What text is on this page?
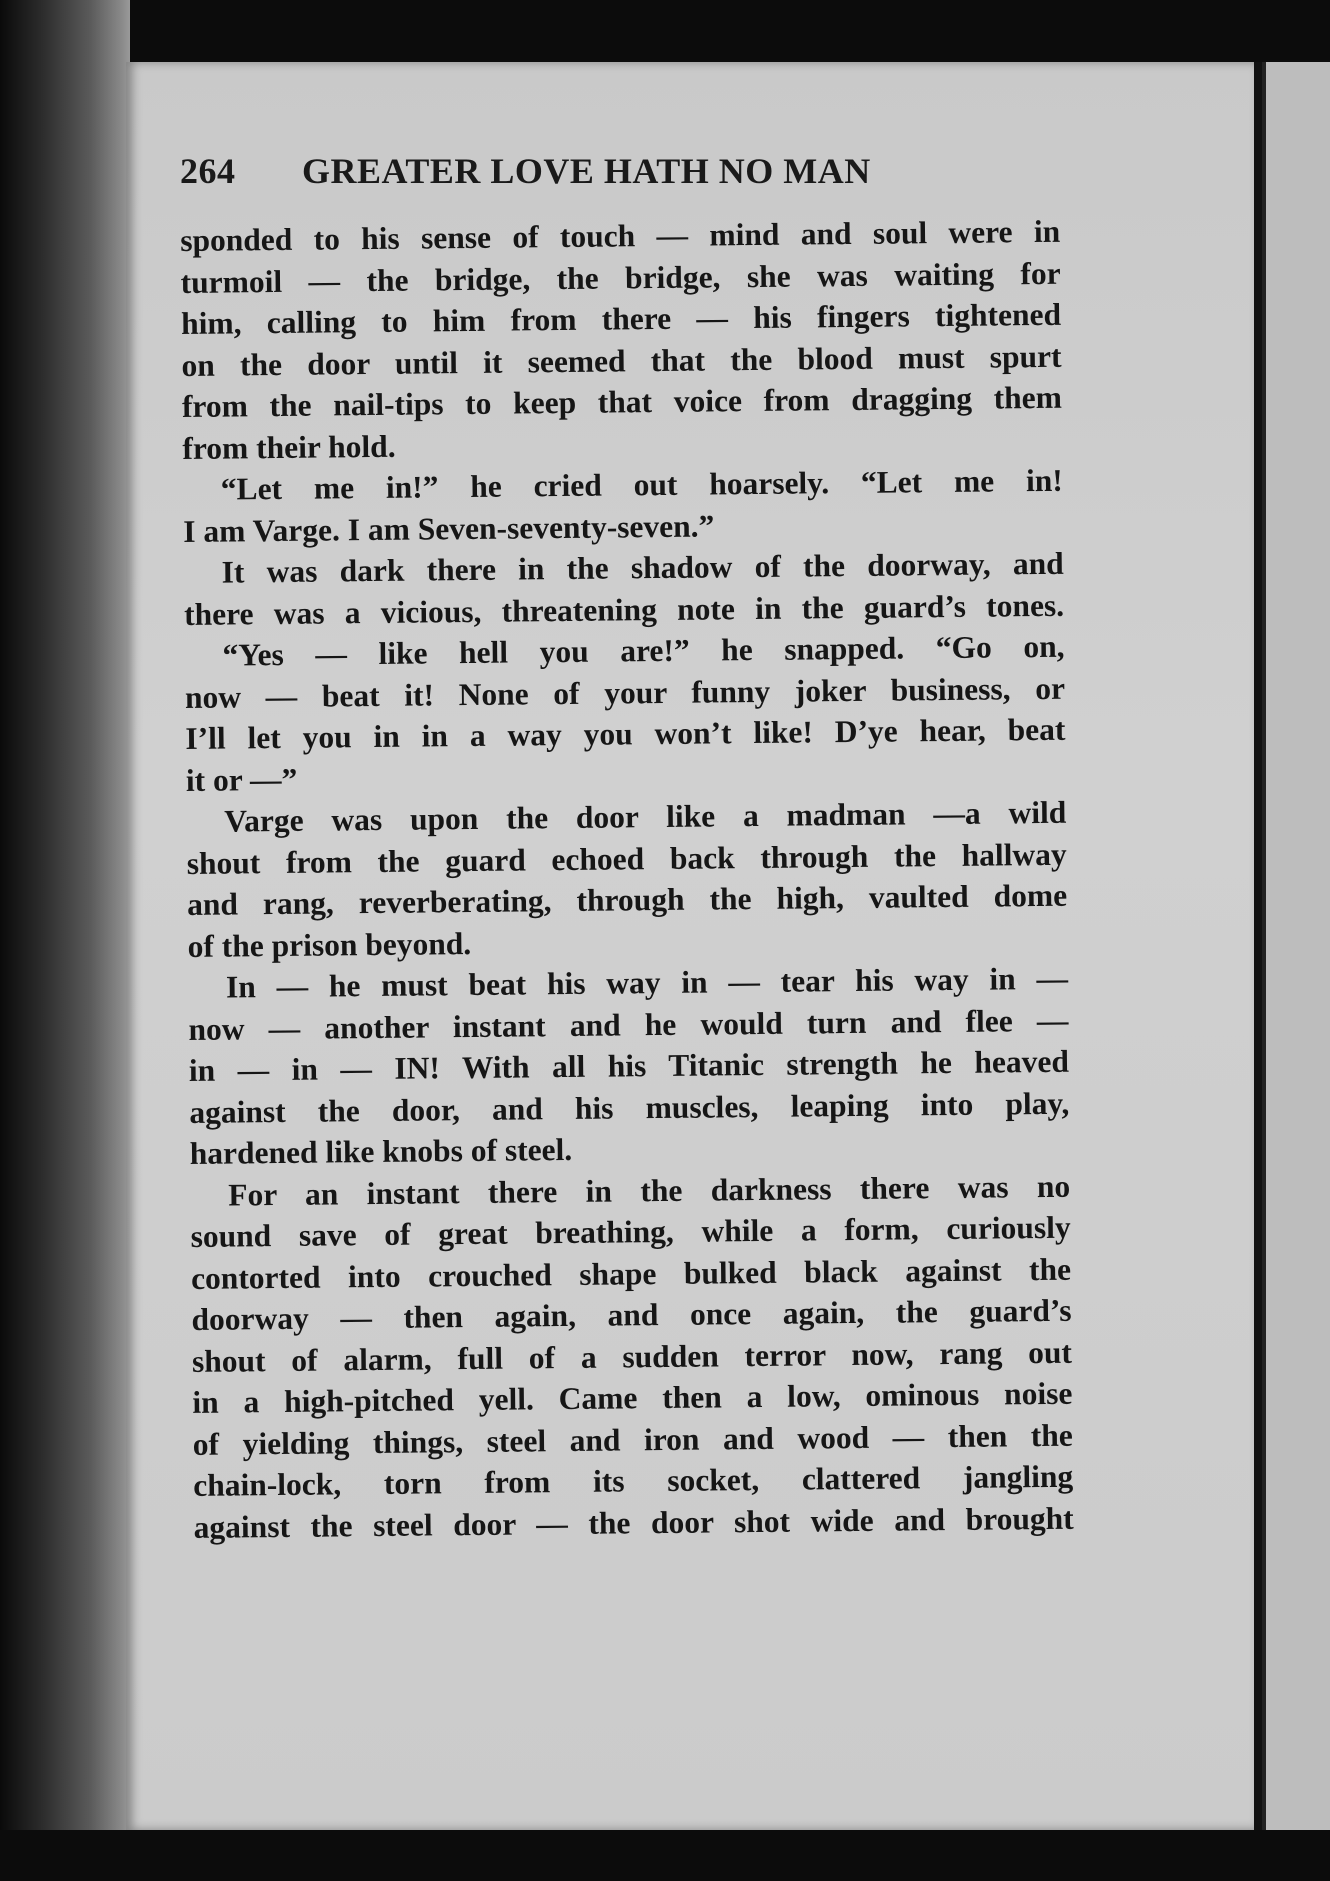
264 GREATER LOVE HATH NO MAN
sponded to his sense of touch — mind and soul were in
turmoil — the bridge, the bridge, she was waiting for
him, calling to him from there — his fingers tightened
on the door until it seemed that the blood must spurt
from the nail-tips to keep that voice from dragging them
from their hold.
“Let me in!” he cried out hoarsely. “Let me in!
I am Varge. I am Seven-seventy-seven.”
It was dark there in the shadow of the doorway, and
there was a vicious, threatening note in the guard’s tones.
“Yes — like hell you are!” he snapped. “Go on,
now — beat it! None of your funny joker business, or
I’ll let you in in a way you won’t like! D’ye hear, beat
it or —”
Varge was upon the door like a madman —a wild
shout from the guard echoed back through the hallway
and rang, reverberating, through the high, vaulted dome
of the prison beyond.
In — he must beat his way in — tear his way in —
now — another instant and he would turn and flee —
in — in — IN! With all his Titanic strength he heaved
against the door, and his muscles, leaping into play,
hardened like knobs of steel.
For an instant there in the darkness there was no
sound save of great breathing, while a form, curiously
contorted into crouched shape bulked black against the
doorway — then again, and once again, the guard’s
shout of alarm, full of a sudden terror now, rang out
in a high-pitched yell. Came then a low, ominous noise
of yielding things, steel and iron and wood — then the
chain-lock, torn from its socket, clattered jangling
against the steel door — the door shot wide and brought
